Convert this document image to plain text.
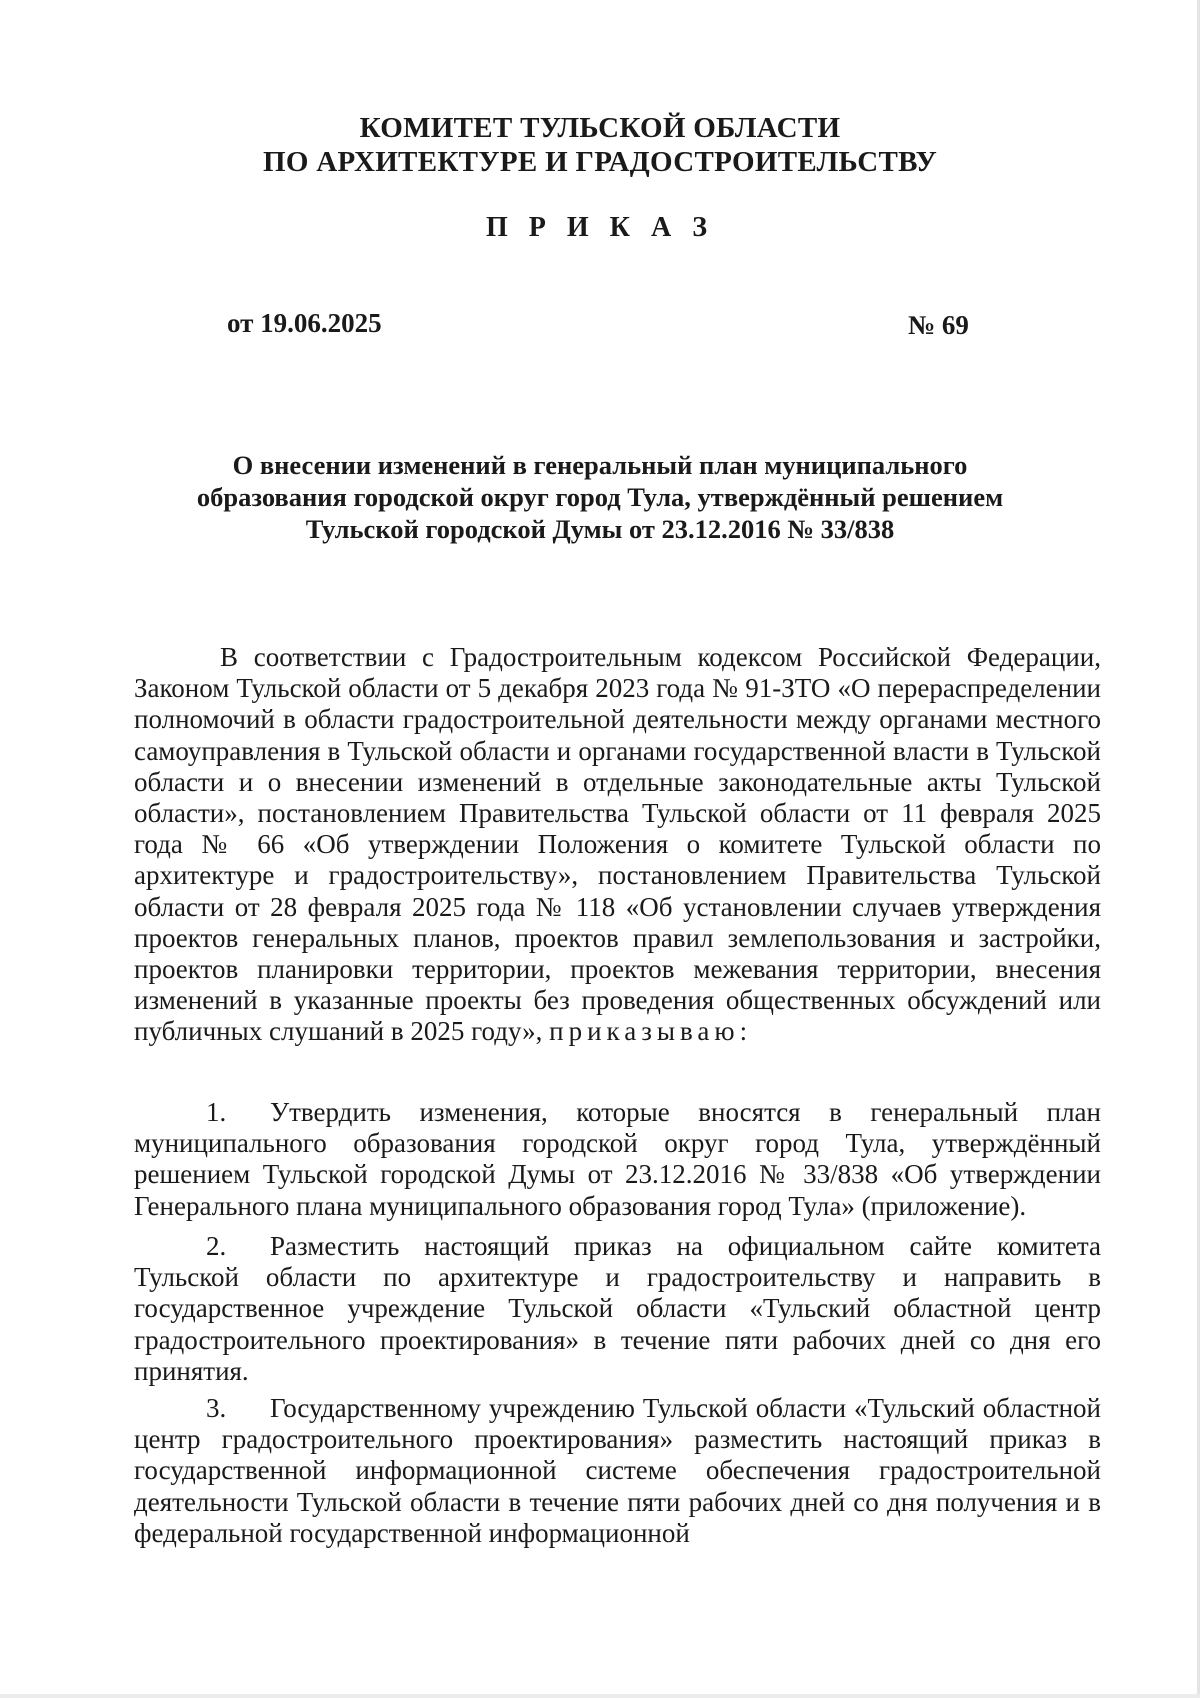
КОМИТЕТ ТУЛЬСКОЙ ОБЛАСТИ
ПО АРХИТЕКТУРЕ И ГРАДОСТРОИТЕЛЬСТВУ
П Р И К А З
от 19.06.2025	№ 69
О внесении изменений в генеральный план муниципального
образования городской округ город Тула, утверждённый решением
Тульской городской Думы от 23.12.2016 № 33/838
В соответствии с Градостроительным кодексом Российской Федерации, Законом Тульской области от 5 декабря 2023 года № 91-ЗТО «О перераспределении полномочий в области градостроительной деятельности между органами местного самоуправления в Тульской области и органами государственной власти в Тульской области и о внесении изменений в отдельные законодательные акты Тульской области», постановлением Правительства Тульской области от 11 февраля 2025 года № 66 «Об утверждении Положения о комитете Тульской области по архитектуре и градостроительству», постановлением Правительства Тульской области от 28 февраля 2025 года № 118 «Об установлении случаев утверждения проектов генеральных планов, проектов правил землепользования и застройки, проектов планировки территории, проектов межевания территории, внесения изменений в указанные проекты без проведения общественных обсуждений или публичных слушаний в 2025 году», приказываю:
1. Утвердить изменения, которые вносятся в генеральный план муниципального образования городской округ город Тула, утверждённый решением Тульской городской Думы от 23.12.2016 № 33/838 «Об утверждении Генерального плана муниципального образования город Тула» (приложение).
2. Разместить настоящий приказ на официальном сайте комитета Тульской области по архитектуре и градостроительству и направить в государственное учреждение Тульской области «Тульский областной центр градостроительного проектирования» в течение пяти рабочих дней со дня его принятия.
3. Государственному учреждению Тульской области «Тульский областной центр градостроительного проектирования» разместить настоящий приказ в государственной информационной системе обеспечения градостроительной деятельности Тульской области в течение пяти рабочих дней со дня получения и в федеральной государственной информационной
